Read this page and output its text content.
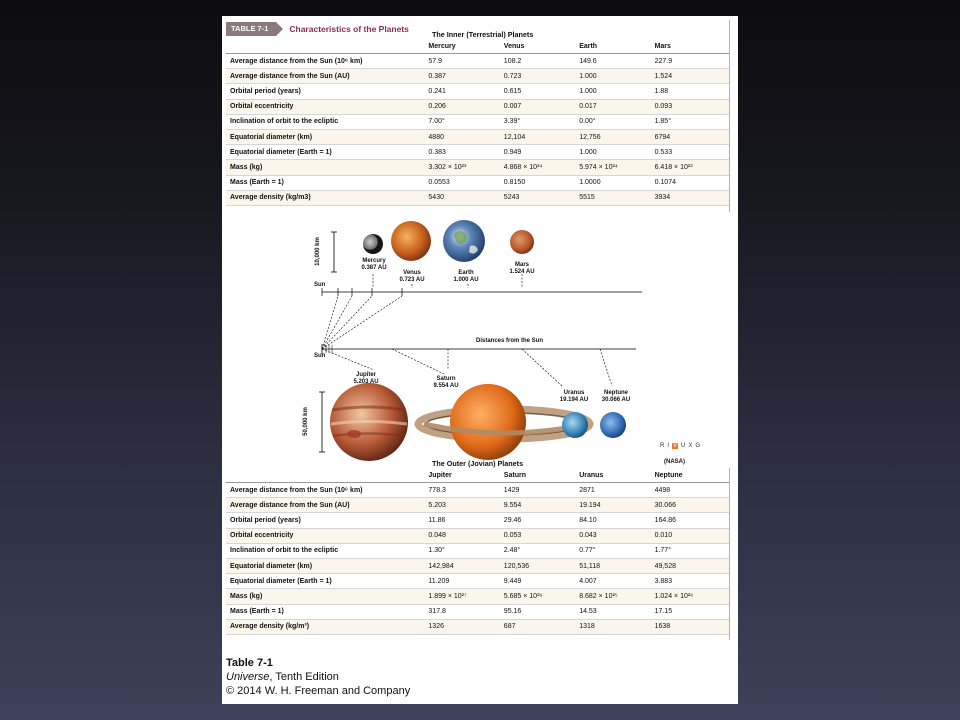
TABLE 7-1	Characteristics of the Planets
The Inner (Terrestrial) Planets
Mercury	Venus	Earth	Mars
Average distance from the Sun (10⁶ km)	57.9	108.2	149.6	227.9
Average distance from the Sun (AU)	0.387	0.723	1.000	1.524
Orbital period (years)	0.241	0.615	1.000	1.88
Orbital eccentricity	0.206	0.007	0.017	0.093
Inclination of orbit to the ecliptic	7.00°	3.39°	0.00°	1.85°
Equatorial diameter (km)	4880	12,104	12,756	6794
Equatorial diameter (Earth = 1)	0.383	0.949	1.000	0.533
Mass (kg)	3.302 × 10²³	4.868 × 10²⁴	5.974 × 10²⁴	6.418 × 10²³
Mass (Earth = 1)	0.0553	0.8150	1.0000	0.1074
Average density (kg/m3)	5430	5243	5515	3934
10,000 km
50,000 km
Mercury
0.387 AU
Venus
0.723 AU
Earth
1.000 AU
Mars
1.524 AU
Sun
Sun
Distances from the Sun
Jupiter
5.203 AU	Saturn
9.554 AU
Uranus
19.194 AU
Neptune
30.066 AU
R I V U X G
(NASA)
The Outer (Jovian) Planets
Jupiter	Saturn	Uranus	Neptune
Average distance from the Sun (10⁶ km)	778.3	1429	2871	4498
Average distance from the Sun (AU)	5.203	9.554	19.194	30.066
Orbital period (years)	11.86	29.46	84.10	164.86
Orbital eccentricity	0.048	0.053	0.043	0.010
Inclination of orbit to the ecliptic	1.30°	2.48°	0.77°	1.77°
Equatorial diameter (km)	142,984	120,536	51,118	49,528
Equatorial diameter (Earth = 1)	11.209	9.449	4.007	3.883
Mass (kg)	1.899 × 10²⁷	5.685 × 10²⁶	8.682 × 10²⁵	1.024 × 10²⁶
Mass (Earth = 1)	317.8	95.16	14.53	17.15
Average density (kg/m³)	1326	687	1318	1638
Table 7-1
Universe, Tenth Edition
© 2014 W. H. Freeman and Company
